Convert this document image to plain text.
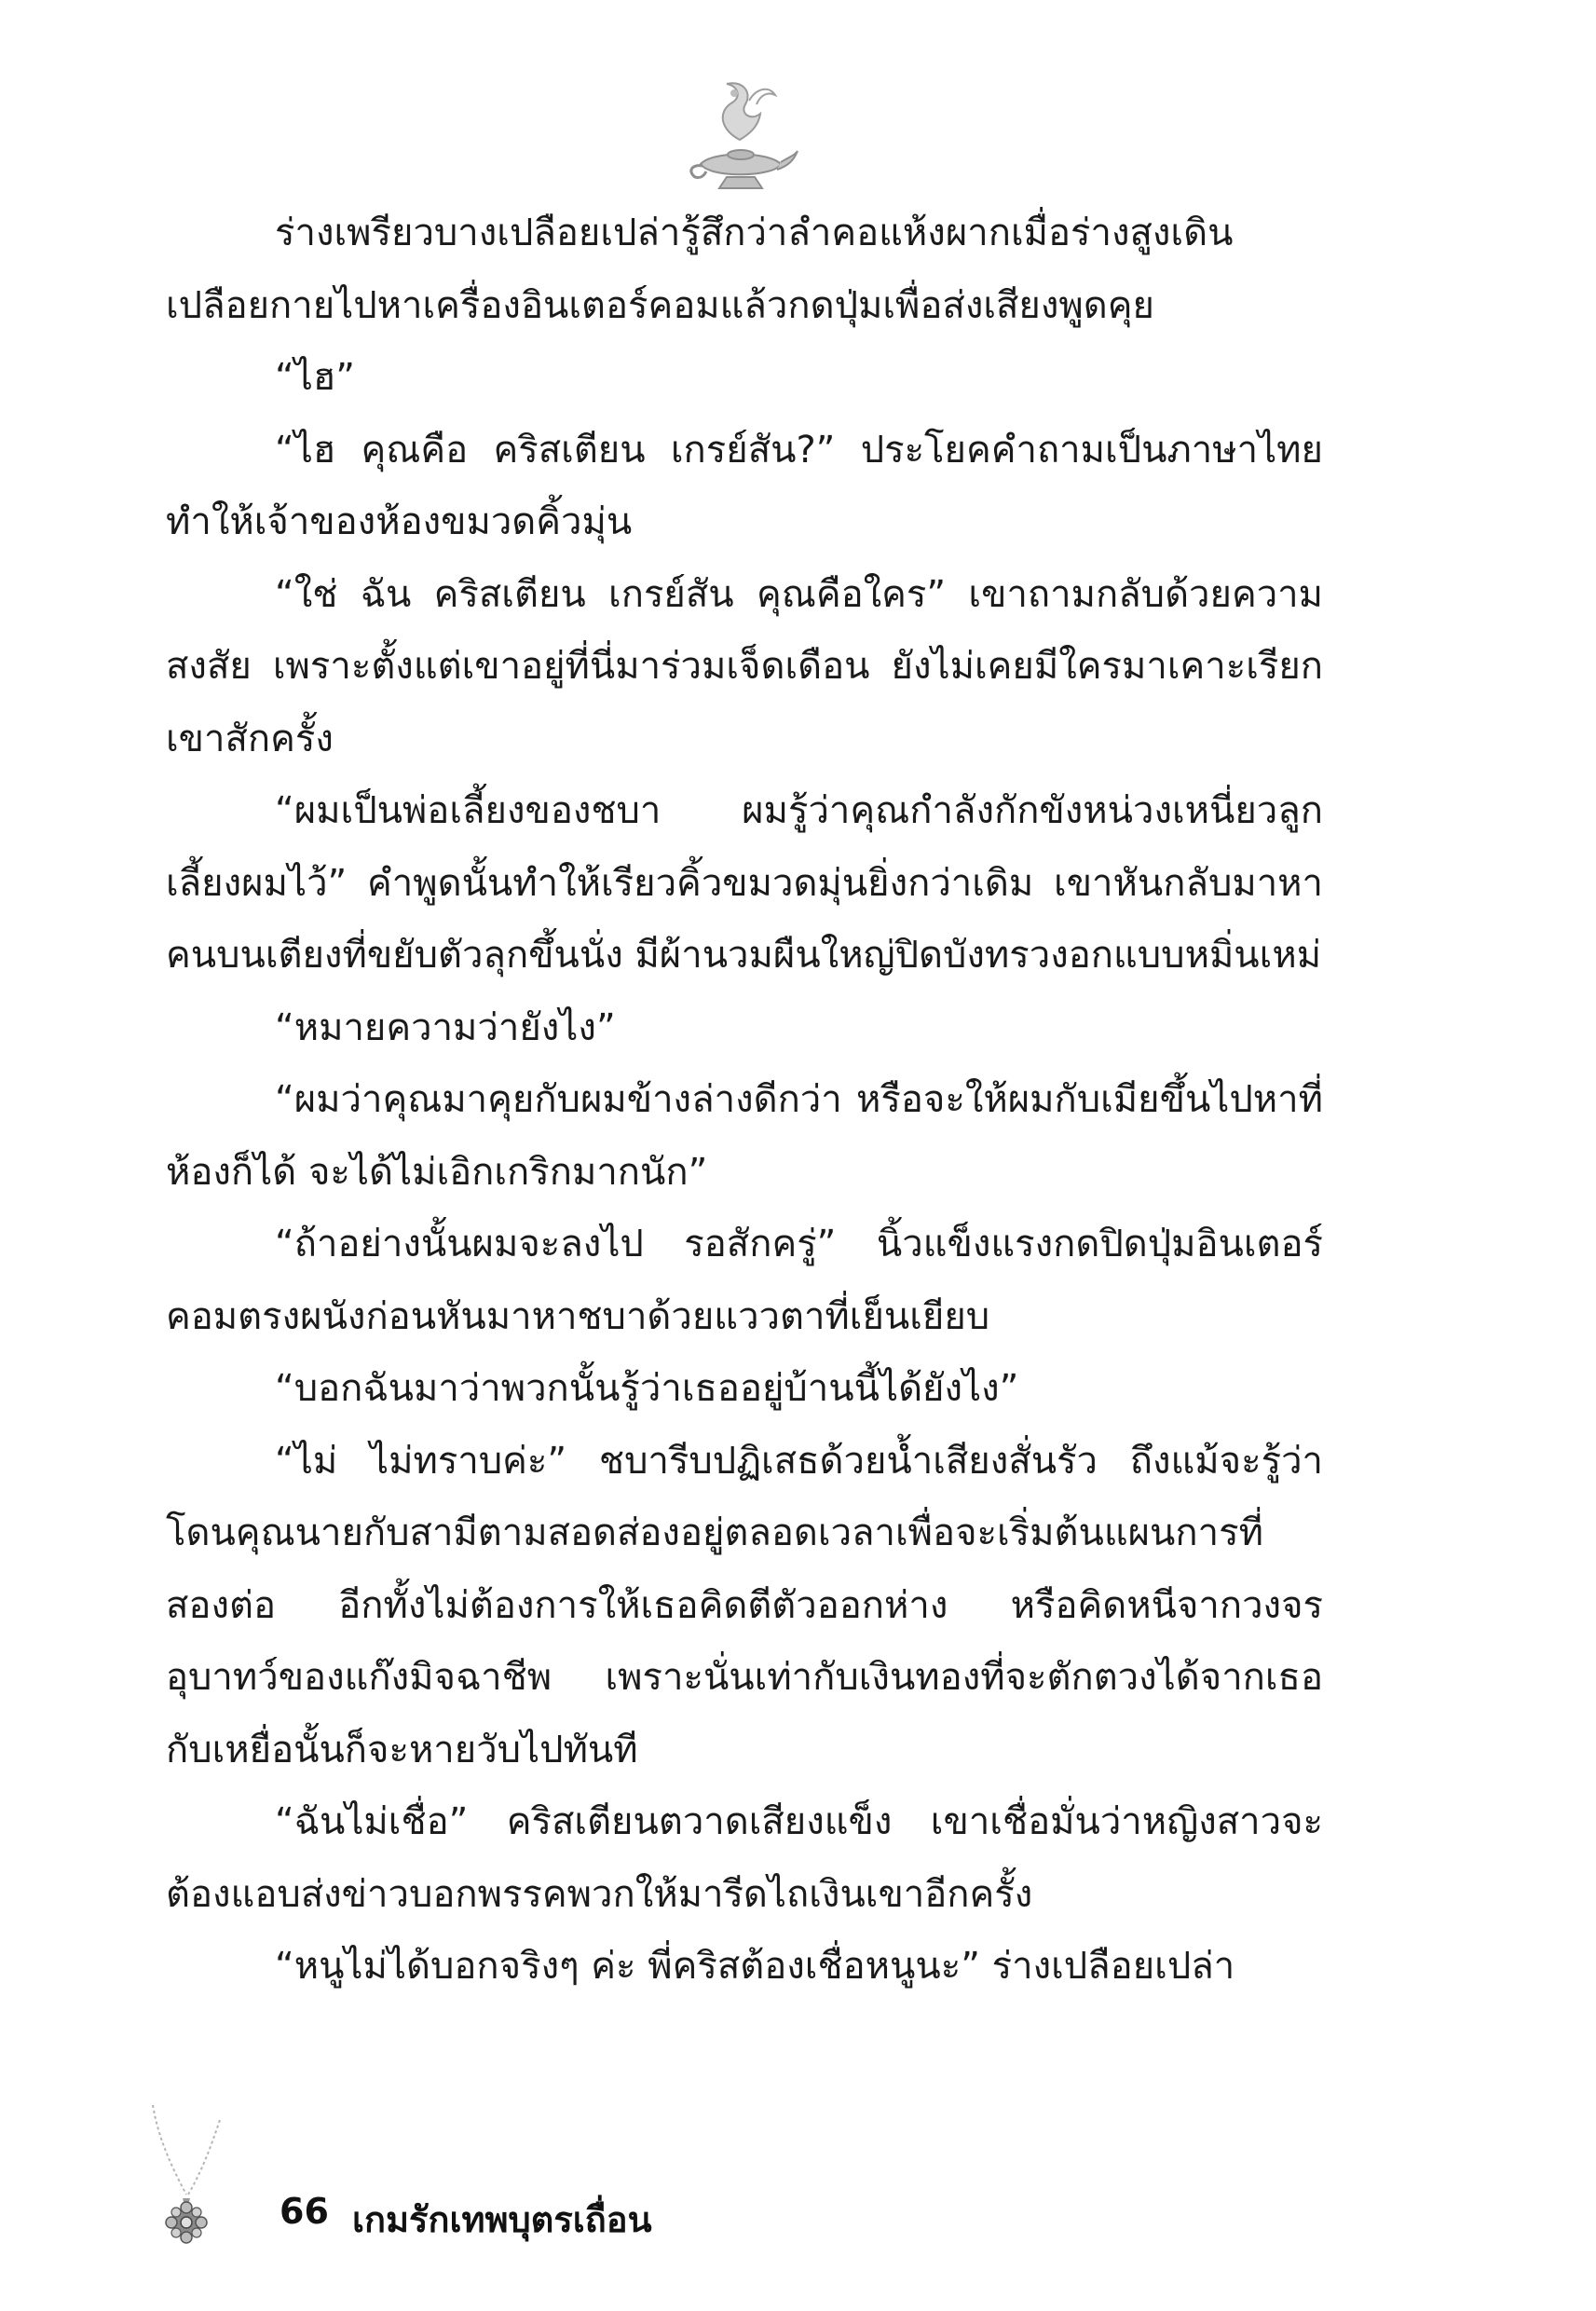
ร่างเพรียวบางเปลือยเปล่ารู้สึกว่าลำคอแห้งผากเมื่อร่างสูงเดินเปลือยกายไปหาเครื่องอินเตอร์คอมแล้วกดปุ่มเพื่อส่งเสียงพูดคุย

“ไฮ”

“ไฮ คุณคือ คริสเตียน เกรย์สัน?” ประโยคคำถามเป็นภาษาไทยทำให้เจ้าของห้องขมวดคิ้วมุ่น

“ใช่ ฉัน คริสเตียน เกรย์สัน คุณคือใคร” เขาถามกลับด้วยความสงสัย เพราะตั้งแต่เขาอยู่ที่นี่มาร่วมเจ็ดเดือน ยังไม่เคยมีใครมาเคาะเรียกเขาสักครั้ง

“ผมเป็นพ่อเลี้ยงของชบา ผมรู้ว่าคุณกำลังกักขังหน่วงเหนี่ยวลูกเลี้ยงผมไว้” คำพูดนั้นทำให้เรียวคิ้วขมวดมุ่นยิ่งกว่าเดิม เขาหันกลับมาหาคนบนเตียงที่ขยับตัวลุกขึ้นนั่ง มีผ้านวมผืนใหญ่ปิดบังทรวงอกแบบหมิ่นเหม่

“หมายความว่ายังไง”

“ผมว่าคุณมาคุยกับผมข้างล่างดีกว่า หรือจะให้ผมกับเมียขึ้นไปหาที่ห้องก็ได้ จะได้ไม่เอิกเกริกมากนัก”

“ถ้าอย่างนั้นผมจะลงไป รอสักครู่” นิ้วแข็งแรงกดปิดปุ่มอินเตอร์คอมตรงผนังก่อนหันมาหาชบาด้วยแววตาที่เย็นเยียบ

“บอกฉันมาว่าพวกนั้นรู้ว่าเธออยู่บ้านนี้ได้ยังไง”

“ไม่ ไม่ทราบค่ะ” ชบารีบปฏิเสธด้วยน้ำเสียงสั่นรัว ถึงแม้จะรู้ว่าโดนคุณนายกับสามีตามสอดส่องอยู่ตลอดเวลาเพื่อจะเริ่มต้นแผนการที่สองต่อ อีกทั้งไม่ต้องการให้เธอคิดตีตัวออกห่าง หรือคิดหนีจากวงจรอุบาทว์ของแก๊งมิจฉาชีพ เพราะนั่นเท่ากับเงินทองที่จะตักตวงได้จากเธอกับเหยื่อนั้นก็จะหายวับไปทันที

“ฉันไม่เชื่อ” คริสเตียนตวาดเสียงแข็ง เขาเชื่อมั่นว่าหญิงสาวจะต้องแอบส่งข่าวบอกพรรคพวกให้มารีดไถเงินเขาอีกครั้ง

“หนูไม่ได้บอกจริงๆ ค่ะ พี่คริสต้องเชื่อหนูนะ” ร่างเปลือยเปล่า

66 เกมรักเทพบุตรเถื่อน
